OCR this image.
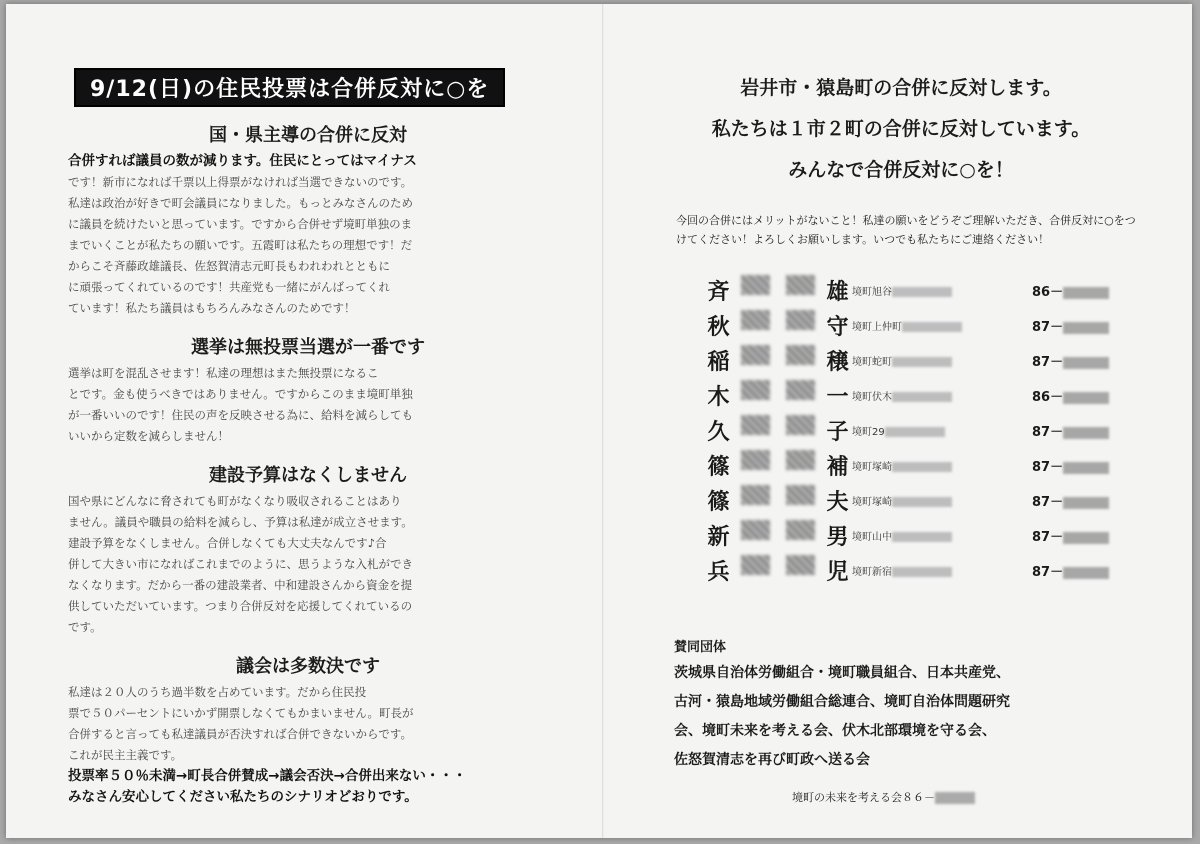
9/12(日)の住民投票は合併反対に○を
国・県主導の合併に反対

合併すれば議員の数が減ります。住民にとってはマイナス

です！新市になれば千票以上得票がなければ当選できないのです。

私達は政治が好きで町会議員になりました。もっとみなさんのため

に議員を続けたいと思っています。ですから合併せず境町単独のま

までいくことが私たちの願いです。五霞町は私たちの理想です！だ

からこそ斉藤政雄議長、佐怒賀清志元町長もわれわれとともに

に頑張ってくれているのです！共産党も一緒にがんばってくれ

ています！私たち議員はもちろんみなさんのためです！

選挙は無投票当選が一番です

選挙は町を混乱させます！私達の理想はまた無投票になるこ

とです。金も使うべきではありません。ですからこのまま境町単独

が一番いいのです！住民の声を反映させる為に、給料を減らしても

いいから定数を減らしません！

建設予算はなくしません

国や県にどんなに脅されても町がなくなり吸収されることはあり

ません。議員や職員の給料を減らし、予算は私達が成立させます。

建設予算をなくしません。合併しなくても大丈夫なんです♪合

併して大きい市になればこれまでのように、思うような入札ができ

なくなります。だから一番の建設業者、中和建設さんから資金を提

供していただいています。つまり合併反対を応援してくれているの

です。

議会は多数決です

私達は２０人のうち過半数を占めています。だから住民投

票で５０パーセントにいかず開票しなくてもかまいません。町長が

合併すると言っても私達議員が否決すれば合併できないからです。

これが民主主義です。

投票率５０％未満→町長合併賛成→議会否決→合併出来ない・・・

みなさん安心してください私たちのシナリオどおりです。

岩井市・猿島町の合併に反対します。
私たちは１市２町の合併に反対しています。
みんなで合併反対に○を！
今回の合併にはメリットがないこと！私達の願いをどうぞご理解いただき、合併反対に○をつけてください！よろしくお願いします。いつでも私たちにご連絡ください！
斉	雄 境町旭谷	86－
秋	守 境町上仲町	87－
稲	穣 境町蛇町	87－
木	一 境町伏木	86－
久	子 境町29	87－
篠	補 境町塚崎	87－
篠	夫 境町塚崎	87－
新	男 境町山中	87－
兵	児 境町新宿	87－
賛同団体
茨城県自治体労働組合・境町職員組合、日本共産党、
古河・猿島地域労働組合総連合、境町自治体問題研究
会、境町未来を考える会、伏木北部環境を守る会、
佐怒賀清志を再び町政へ送る会
境町の未来を考える会８６－
